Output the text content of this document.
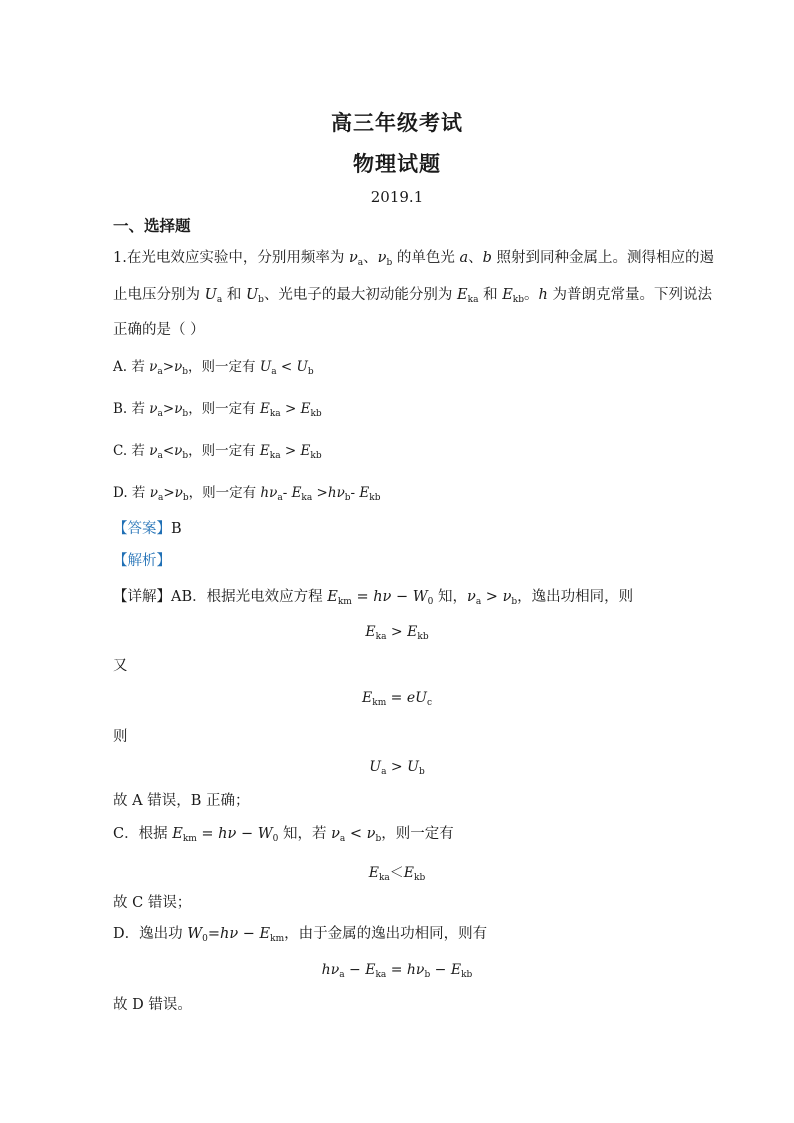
高三年级考试
物理试题
2019.1
一、选择题
1.在光电效应实验中，分别用频率为 $\nu_a$、$\nu_b$ 的单色光 a、b 照射到同种金属上。测得相应的遏
止电压分别为 $U_a$ 和 $U_b$、光电子的最大初动能分别为 $E_{ka}$ 和 $E_{kb}$。h 为普朗克常量。下列说法
正确的是（ ）
A. 若 $\nu_a>\nu_b$，则一定有 $U_a < U_b$
B. 若 $\nu_a>\nu_b$，则一定有 $E_{ka} > E_{kb}$
C. 若 $\nu_a<\nu_b$，则一定有 $E_{ka} > E_{kb}$
D. 若 $\nu_a>\nu_b$，则一定有 $h\nu_a-$ $E_{ka} >h\nu_b-$ $E_{kb}$
【答案】B
【解析】
【详解】AB．根据光电效应方程 $E_{km} = h\nu - W_0$ 知，$\nu_a > \nu_b$，逸出功相同，则
$E_{ka} > E_{kb}$
又
$E_{km} = eU_c$
则
$U_a > U_b$
故 A 错误，B 正确；
C．根据 $E_{km} = h\nu - W_0$ 知，若 $\nu_a < \nu_b$，则一定有
$E_{ka}<E_{kb}$
故 C 错误；
D．逸出功 $W_0=h\nu - E_{km}$，由于金属的逸出功相同，则有
$h\nu_a - E_{ka} = h\nu_b - E_{kb}$
故 D 错误。
